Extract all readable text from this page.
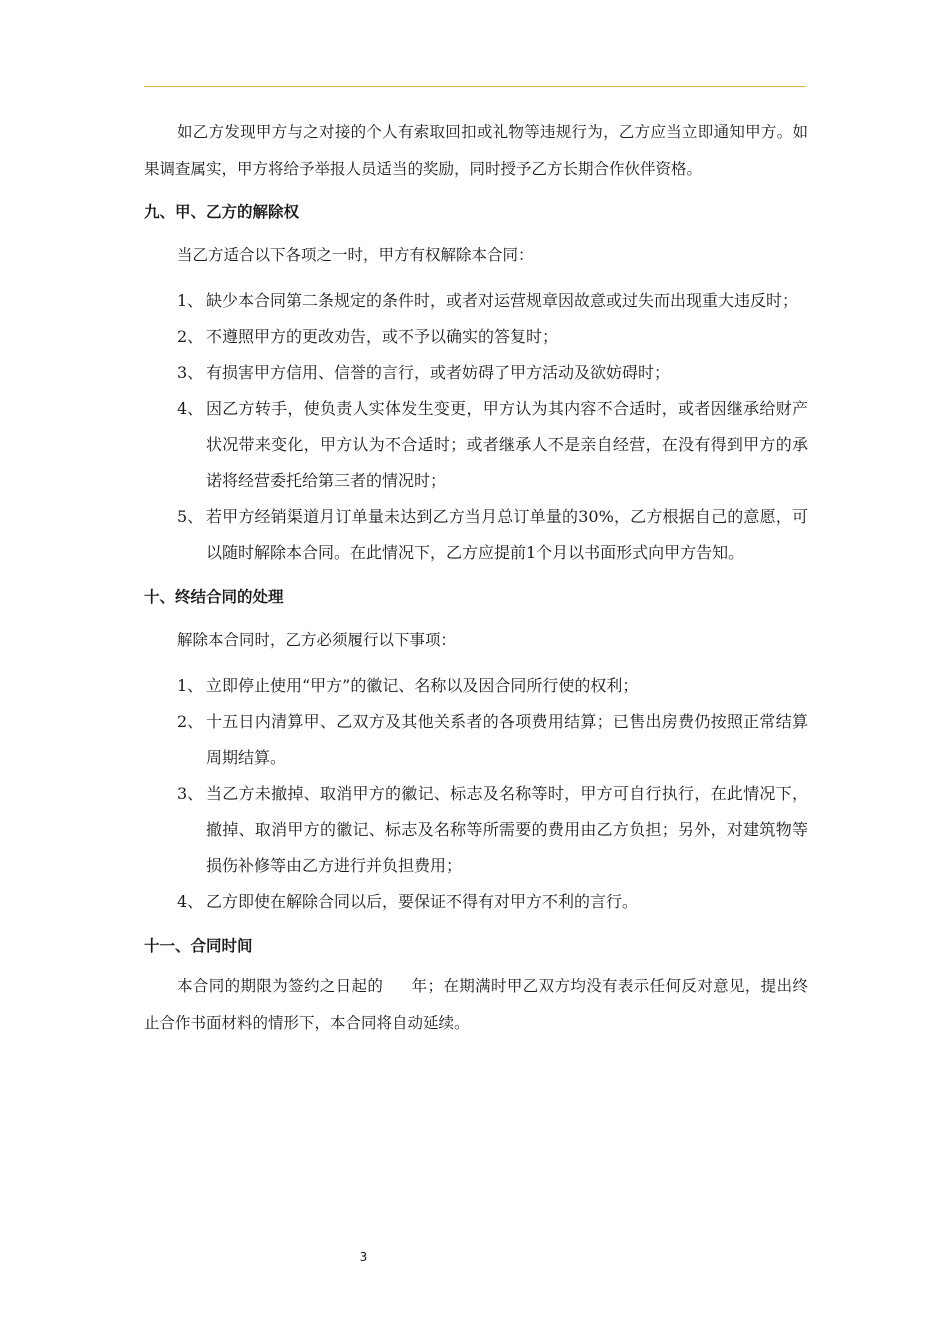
如乙方发现甲方与之对接的个人有索取回扣或礼物等违规行为，乙方应当立即通知甲方。如果调查属实，甲方将给予举报人员适当的奖励，同时授予乙方长期合作伙伴资格。

九、甲、乙方的解除权

当乙方适合以下各项之一时，甲方有权解除本合同：

1、 缺少本合同第二条规定的条件时，或者对运营规章因故意或过失而出现重大违反时；
2、 不遵照甲方的更改劝告，或不予以确实的答复时；
3、 有损害甲方信用、信誉的言行，或者妨碍了甲方活动及欲妨碍时；
4、 因乙方转手，使负责人实体发生变更，甲方认为其内容不合适时，或者因继承给财产状况带来变化，甲方认为不合适时；或者继承人不是亲自经营，在没有得到甲方的承诺将经营委托给第三者的情况时；
5、 若甲方经销渠道月订单量未达到乙方当月总订单量的30%，乙方根据自己的意愿，可以随时解除本合同。在此情况下，乙方应提前1个月以书面形式向甲方告知。

十、终结合同的处理

解除本合同时，乙方必须履行以下事项：

1、 立即停止使用“甲方”的徽记、名称以及因合同所行使的权利；
2、 十五日内清算甲、乙双方及其他关系者的各项费用结算；已售出房费仍按照正常结算周期结算。
3、 当乙方未撤掉、取消甲方的徽记、标志及名称等时，甲方可自行执行，在此情况下，撤掉、取消甲方的徽记、标志及名称等所需要的费用由乙方负担；另外，对建筑物等损伤补修等由乙方进行并负担费用；
4、 乙方即使在解除合同以后，要保证不得有对甲方不利的言行。

十一、合同时间

本合同的期限为签约之日起的 年；在期满时甲乙双方均没有表示任何反对意见，提出终止合作书面材料的情形下，本合同将自动延续。

3
